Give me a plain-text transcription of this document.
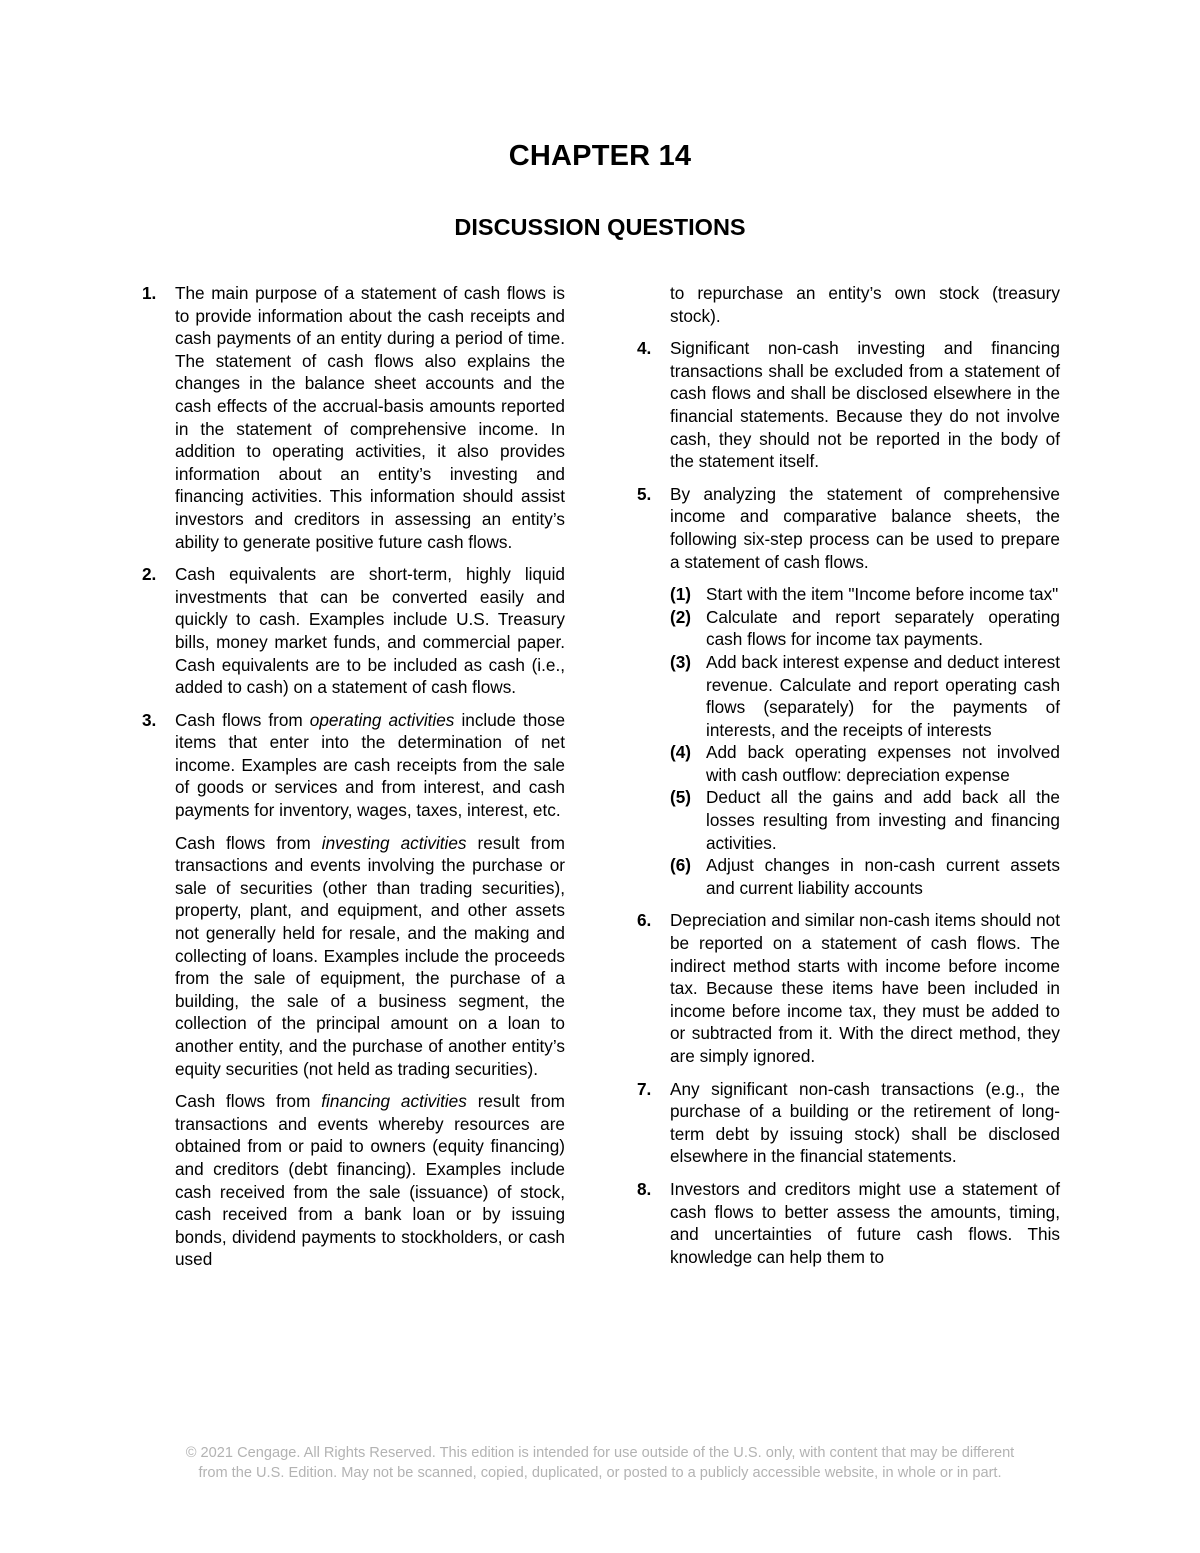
CHAPTER 14
DISCUSSION QUESTIONS
1.	The main purpose of a statement of cash flows is to provide information about the cash receipts and cash payments of an entity during a period of time. The statement of cash flows also explains the changes in the balance sheet accounts and the cash effects of the accrual-basis amounts reported in the statement of comprehensive income. In addition to operating activities, it also provides information about an entity’s investing and financing activities. This information should assist investors and creditors in assessing an entity’s ability to generate positive future cash flows.

2.	Cash equivalents are short-term, highly liquid investments that can be converted easily and quickly to cash. Examples include U.S. Treasury bills, money market funds, and commercial paper. Cash equivalents are to be included as cash (i.e., added to cash) on a statement of cash flows.

3.	Cash flows from operating activities include those items that enter into the determination of net income. Examples are cash receipts from the sale of goods or services and from interest, and cash payments for inventory, wages, taxes, interest, etc.

Cash flows from investing activities result from transactions and events involving the purchase or sale of securities (other than trading securities), property, plant, and equipment, and other assets not generally held for resale, and the making and collecting of loans. Examples include the proceeds from the sale of equipment, the purchase of a building, the sale of a business segment, the collection of the principal amount on a loan to another entity, and the purchase of another entity’s equity securities (not held as trading securities).

Cash flows from financing activities result from transactions and events whereby resources are obtained from or paid to owners (equity financing) and creditors (debt financing). Examples include cash received from the sale (issuance) of stock, cash received from a bank loan or by issuing bonds, dividend payments to stockholders, or cash used

to repurchase an entity’s own stock (treasury stock).
4.	Significant non-cash investing and financing transactions shall be excluded from a statement of cash flows and shall be disclosed elsewhere in the financial statements. Because they do not involve cash, they should not be reported in the body of the statement itself.

5.	By analyzing the statement of comprehensive income and comparative balance sheets, the following six-step process can be used to prepare a statement of cash flows.

(1) Start with the item "Income before income tax"
(2) Calculate and report separately operating cash flows for income tax payments.
(3) Add back interest expense and deduct interest revenue. Calculate and report operating cash flows (separately) for the payments of interests, and the receipts of interests
(4) Add back operating expenses not involved with cash outflow: depreciation expense
(5) Deduct all the gains and add back all the losses resulting from investing and financing activities.
(6) Adjust changes in non-cash current assets and current liability accounts
6.	Depreciation and similar non-cash items should not be reported on a statement of cash flows. The indirect method starts with income before income tax. Because these items have been included in income before income tax, they must be added to or subtracted from it. With the direct method, they are simply ignored.

7.	Any significant non-cash transactions (e.g., the purchase of a building or the retirement of long-term debt by issuing stock) shall be disclosed elsewhere in the financial statements.

8.	Investors and creditors might use a statement of cash flows to better assess the amounts, timing, and uncertainties of future cash flows. This knowledge can help them to

© 2021 Cengage. All Rights Reserved. This edition is intended for use outside of the U.S. only, with content that may be different
from the U.S. Edition. May not be scanned, copied, duplicated, or posted to a publicly accessible website, in whole or in part.
